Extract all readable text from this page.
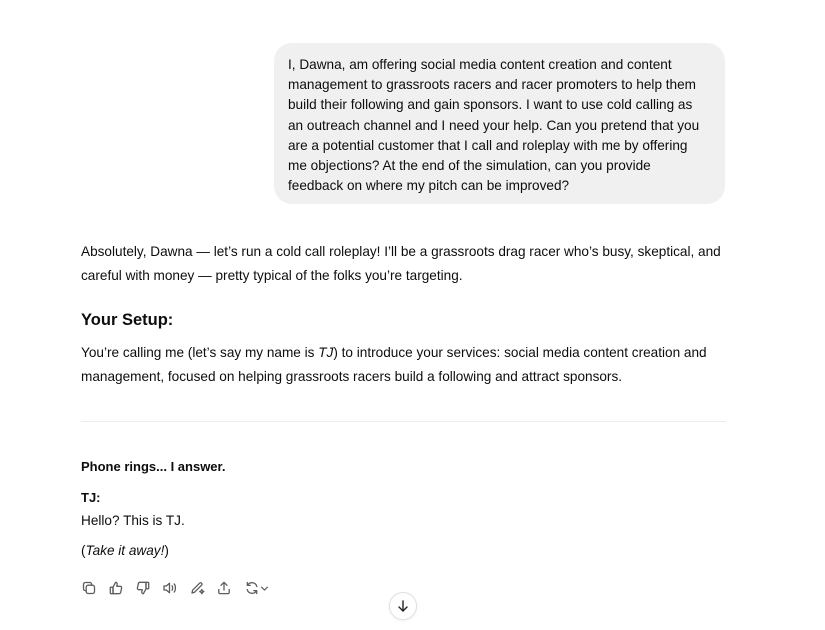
I, Dawna, am offering social media content creation and content management to grassroots racers and racer promoters to help them build their following and gain sponsors. I want to use cold calling as an outreach channel and I need your help. Can you pretend that you are a potential customer that I call and roleplay with me by offering me objections? At the end of the simulation, can you provide feedback on where my pitch can be improved?

Absolutely, Dawna — let’s run a cold call roleplay! I’ll be a grassroots drag racer who’s busy, skeptical, and careful with money — pretty typical of the folks you’re targeting.

Your Setup:

You’re calling me (let’s say my name is TJ) to introduce your services: social media content creation and management, focused on helping grassroots racers build a following and attract sponsors.

Phone rings... I answer.

TJ:

Hello? This is TJ.

(Take it away!)
